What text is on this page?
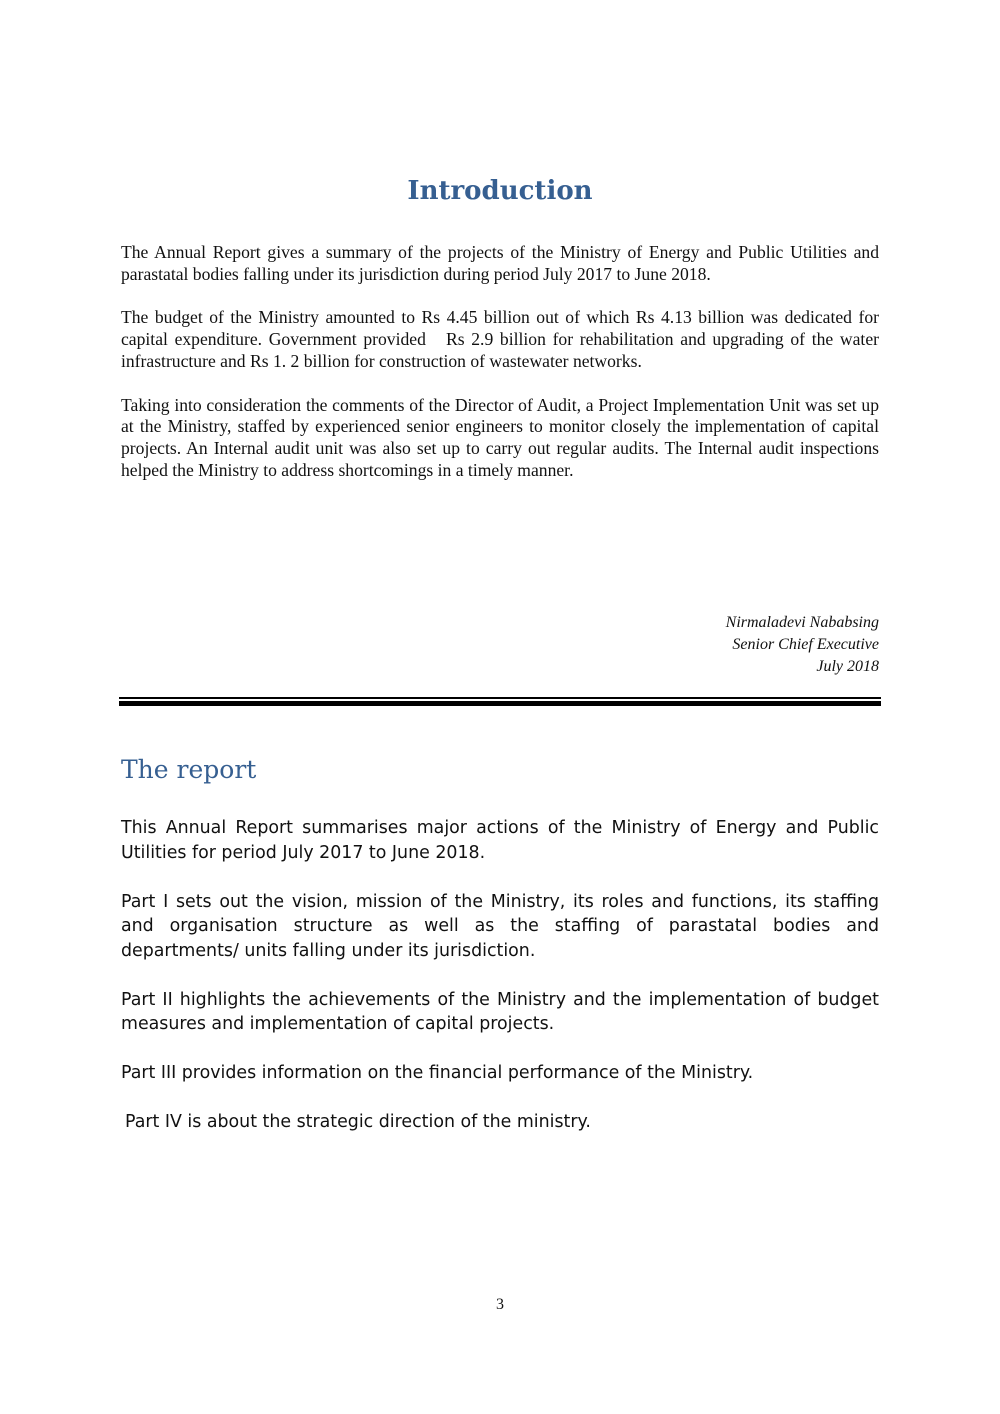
Introduction

The Annual Report gives a summary of the projects of the Ministry of Energy and Public Utilities and parastatal bodies falling under its jurisdiction during period July 2017 to June 2018.

The budget of the Ministry amounted to Rs 4.45 billion out of which Rs 4.13 billion was dedicated for capital expenditure. Government provided   Rs 2.9 billion for rehabilitation and upgrading of the water infrastructure and Rs 1. 2 billion for construction of wastewater networks.

Taking into consideration the comments of the Director of Audit, a Project Implementation Unit was set up at the Ministry, staffed by experienced senior engineers to monitor closely the implementation of capital projects. An Internal audit unit was also set up to carry out regular audits. The Internal audit inspections helped the Ministry to address shortcomings in a timely manner.

Nirmaladevi Nababsing
Senior Chief Executive
July 2018
The report

This Annual Report summarises major actions of the Ministry of Energy and Public Utilities for period July 2017 to June 2018.

Part I sets out the vision, mission of the Ministry, its roles and functions, its staffing and organisation structure as well as the staffing of parastatal bodies and departments/ units falling under its jurisdiction.

Part II highlights the achievements of the Ministry and the implementation of budget measures and implementation of capital projects.

Part III provides information on the financial performance of the Ministry.

Part IV is about the strategic direction of the ministry.

3
